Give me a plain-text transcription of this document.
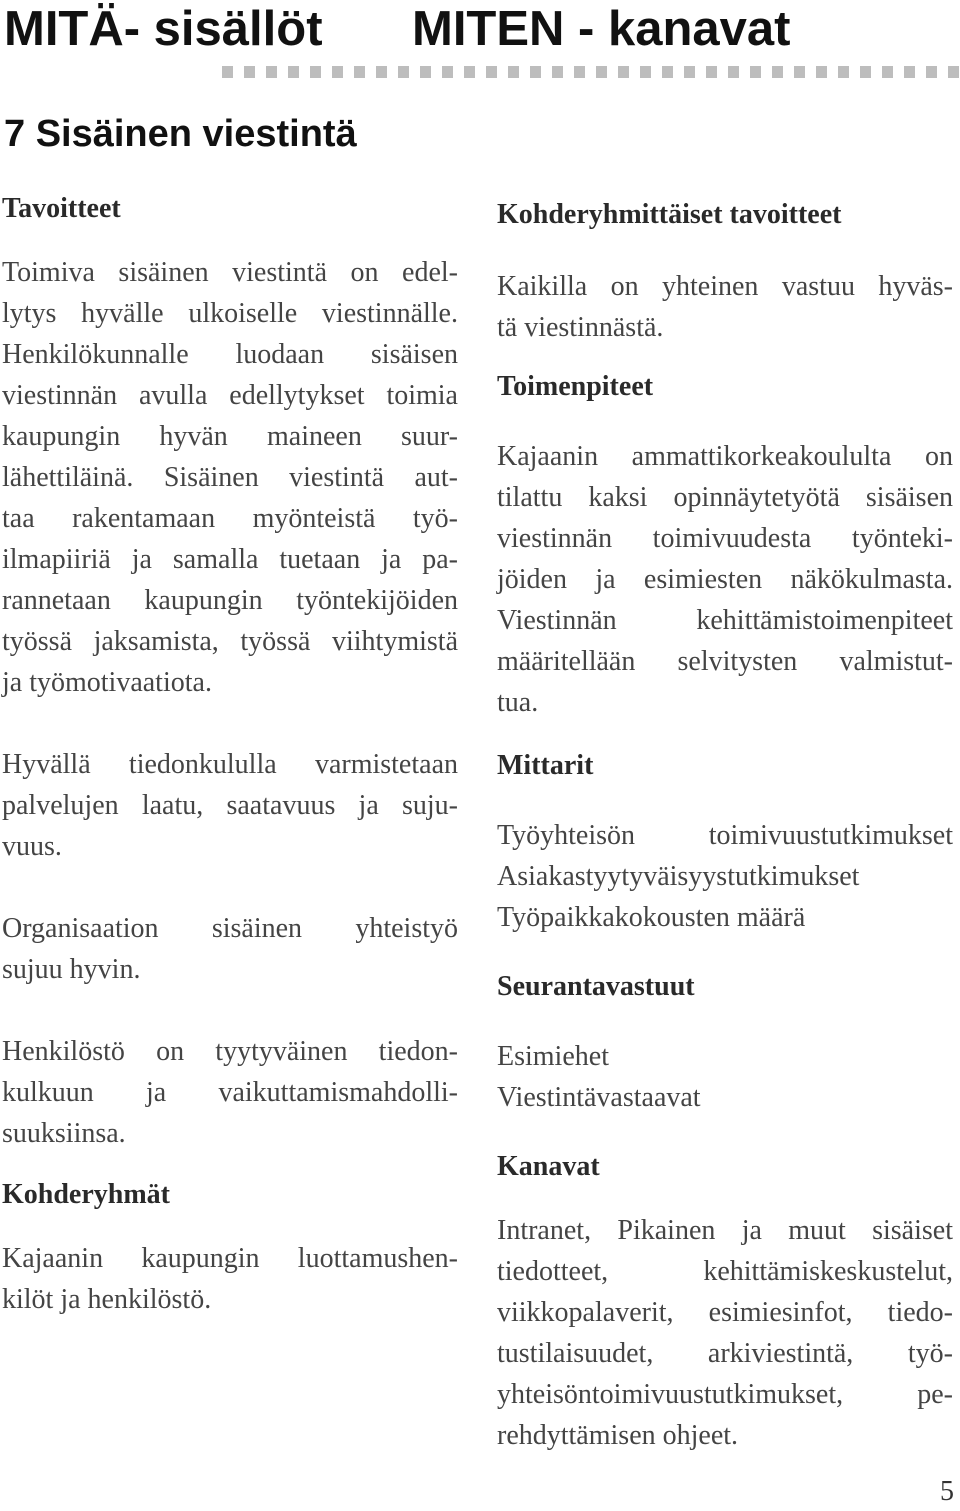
MITÄ- sisällöt MITEN - kanavat
7 Sisäinen viestintä
Tavoitteet

Toimiva sisäinen viestintä on edel-
lytys hyvälle ulkoiselle viestinnälle.
Henkilökunnalle luodaan sisäisen
viestinnän avulla edellytykset toimia
kaupungin hyvän maineen suur-
lähettiläinä. Sisäinen viestintä aut-
taa rakentamaan myönteistä työ-
ilmapiiriä ja samalla tuetaan ja pa-
rannetaan kaupungin työntekijöiden
työssä jaksamista, työssä viihtymistä
ja työmotivaatiota.

Hyvällä tiedonkululla varmistetaan
palvelujen laatu, saatavuus ja suju-
vuus.

Organisaation sisäinen yhteistyö
sujuu hyvin.

Henkilöstö on tyytyväinen tiedon-
kulkuun ja vaikuttamismahdolli-
suuksiinsa.

Kohderyhmät

Kajaanin kaupungin luottamushen-
kilöt ja henkilöstö.

Kohderyhmittäiset tavoitteet

Kaikilla on yhteinen vastuu hyväs-
tä viestinnästä.

Toimenpiteet

Kajaanin ammattikorkeakoululta on
tilattu kaksi opinnäytetyötä sisäisen
viestinnän toimivuudesta työnteki-
jöiden ja esimiesten näkökulmasta.
Viestinnän kehittämistoimenpiteet
määritellään selvitysten valmistut-
tua.

Mittarit

Työyhteisön toimivuustutkimukset
Asiakastyytyväisyystutkimukset
Työpaikkakokousten määrä

Seurantavastuut

Esimiehet
Viestintävastaavat

Kanavat

Intranet, Pikainen ja muut sisäiset
tiedotteet, kehittämiskeskustelut,
viikkopalaverit, esimiesinfot, tiedo-
tustilaisuudet, arkiviestintä, työ-
yhteisöntoimivuustutkimukset, pe-
rehdyttämisen ohjeet.

5
